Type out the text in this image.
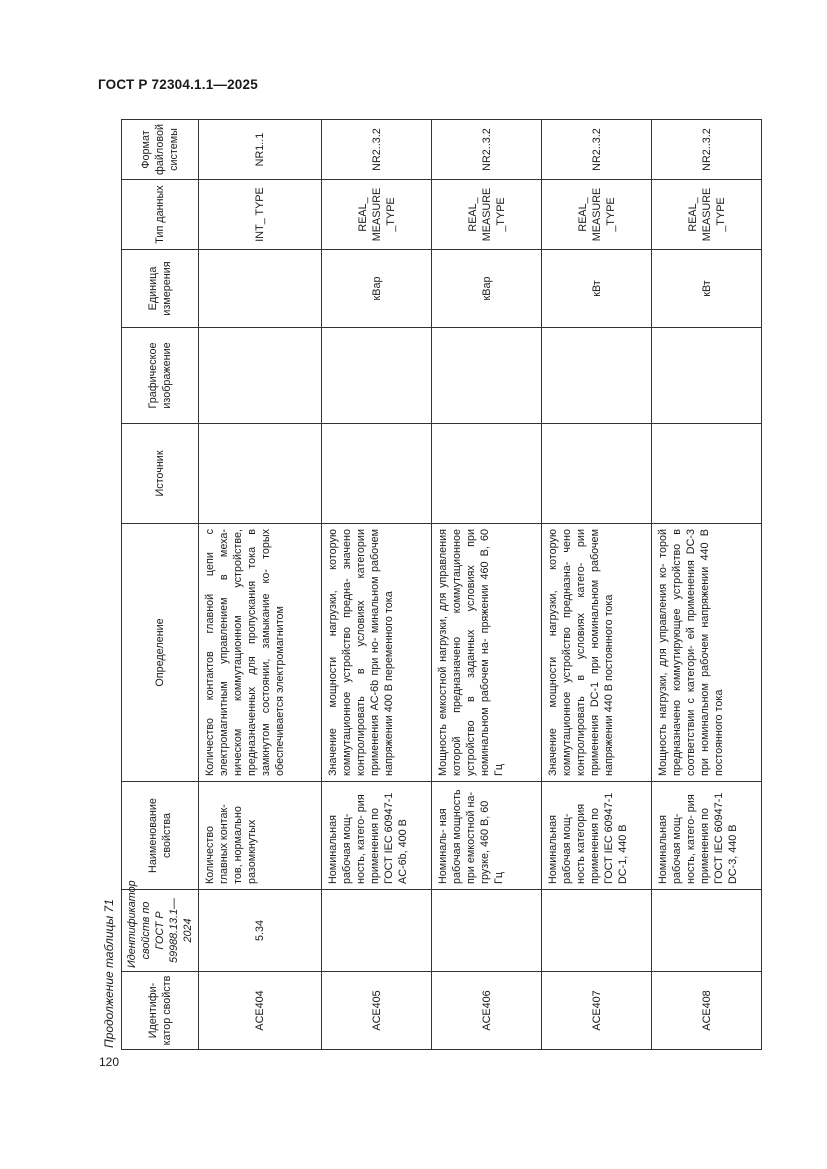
ГОСТ Р 72304.1.1—2025
Продолжение таблицы 71	Идентифи- катор свойств	Идентификатор свойств по ГОСТ Р 59988.13.1—2024	Наименование свойства	Определение	Источник	Графическое изображение	Единица измерения	Тип данных	Формат файловой системы
ACE404	5.34	Количество главных контак- тов, нормально разомкнутых	Количество контактов главной цепи с электромагнитным управлением в меха- ническом коммутационном устройстве, предназначенных для пропускания тока в замкнутом состоянии, замыкание ко- торых обеспечивается электромагнитом				INT_ TYPE	NR1..1
ACE405		Номинальная рабочая мощ- ность, катего- рия применения по ГОСТ IEC 60947-1 AC-6b, 400 В	Значение мощности нагрузки, которую коммутационное устройство предна- значено контролировать в условиях категории применения AC-6b при но- минальном рабочем напряжении 400 В переменного тока			кВар	REAL_ MEASURE _TYPE	NR2..3.2
ACE406		Номиналь- ная рабочая мощность при емкостной на- грузке, 460 В, 60 Гц	Мощность емкостной нагрузки, для управления которой предназначено коммутационное устройство в заданных условиях при номинальном рабочем на- пряжении 460 В, 60 Гц			кВар	REAL_ MEASURE _TYPE	NR2..3.2
ACE407		Номинальная рабочая мощ- ность категория применения по ГОСТ IEC 60947-1 DC-1, 440 В	Значение мощности нагрузки, которую коммутационное устройство предназна- чено контролировать в условиях катего- рии применения DC-1 при номинальном рабочем напряжении 440 В постоянного тока			кВт	REAL_ MEASURE _TYPE	NR2..3.2
ACE408		Номинальная рабочая мощ- ность, катего- рия применения по ГОСТ IEC 60947-1 DC-3, 440 В	Мощность нагрузки, для управления ко- торой предназначено коммутирующее устройство в соответствии с категори- ей применения DC-3 при номинальном рабочем напряжении 440 В постоянного тока			кВт	REAL_ MEASURE _TYPE	NR2..3.2
120
